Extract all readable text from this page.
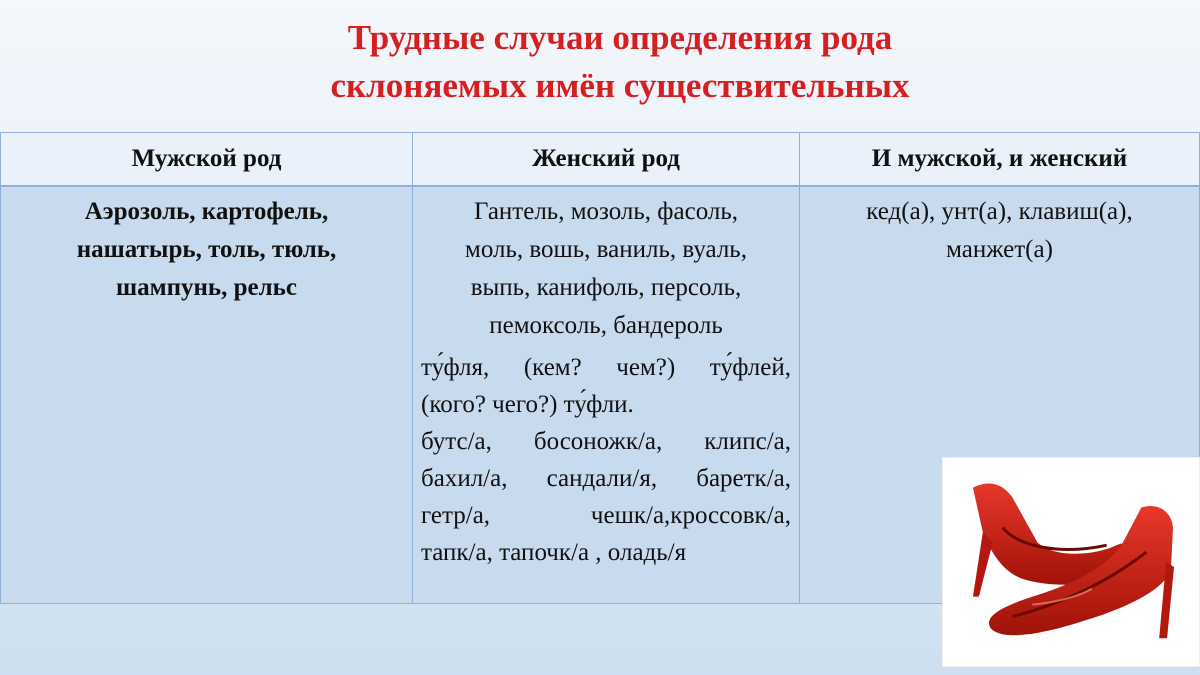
Трудные случаи определения рода
склоняемых имён существительных
Мужской род	Женский род	И мужской, и женский
Аэрозоль, картофель,
нашатырь, толь, тюль,
шампунь, рельс
Гантель, мозоль, фасоль,
моль, вошь, ваниль, вуаль,
выпь, канифоль, персоль,
пемоксоль, бандероль
ту́фля, (кем? чем?) ту́флей,
(кого? чего?) ту́фли.
бутс/а, босоножк/а, клипс/а,
бахил/а, сандали/я, баретк/а,
гетр/а, чешк/а,кроссовк/а,
тапк/а, тапочк/а , оладь/я
кед(а), унт(а), клавиш(а),
манжет(а)
